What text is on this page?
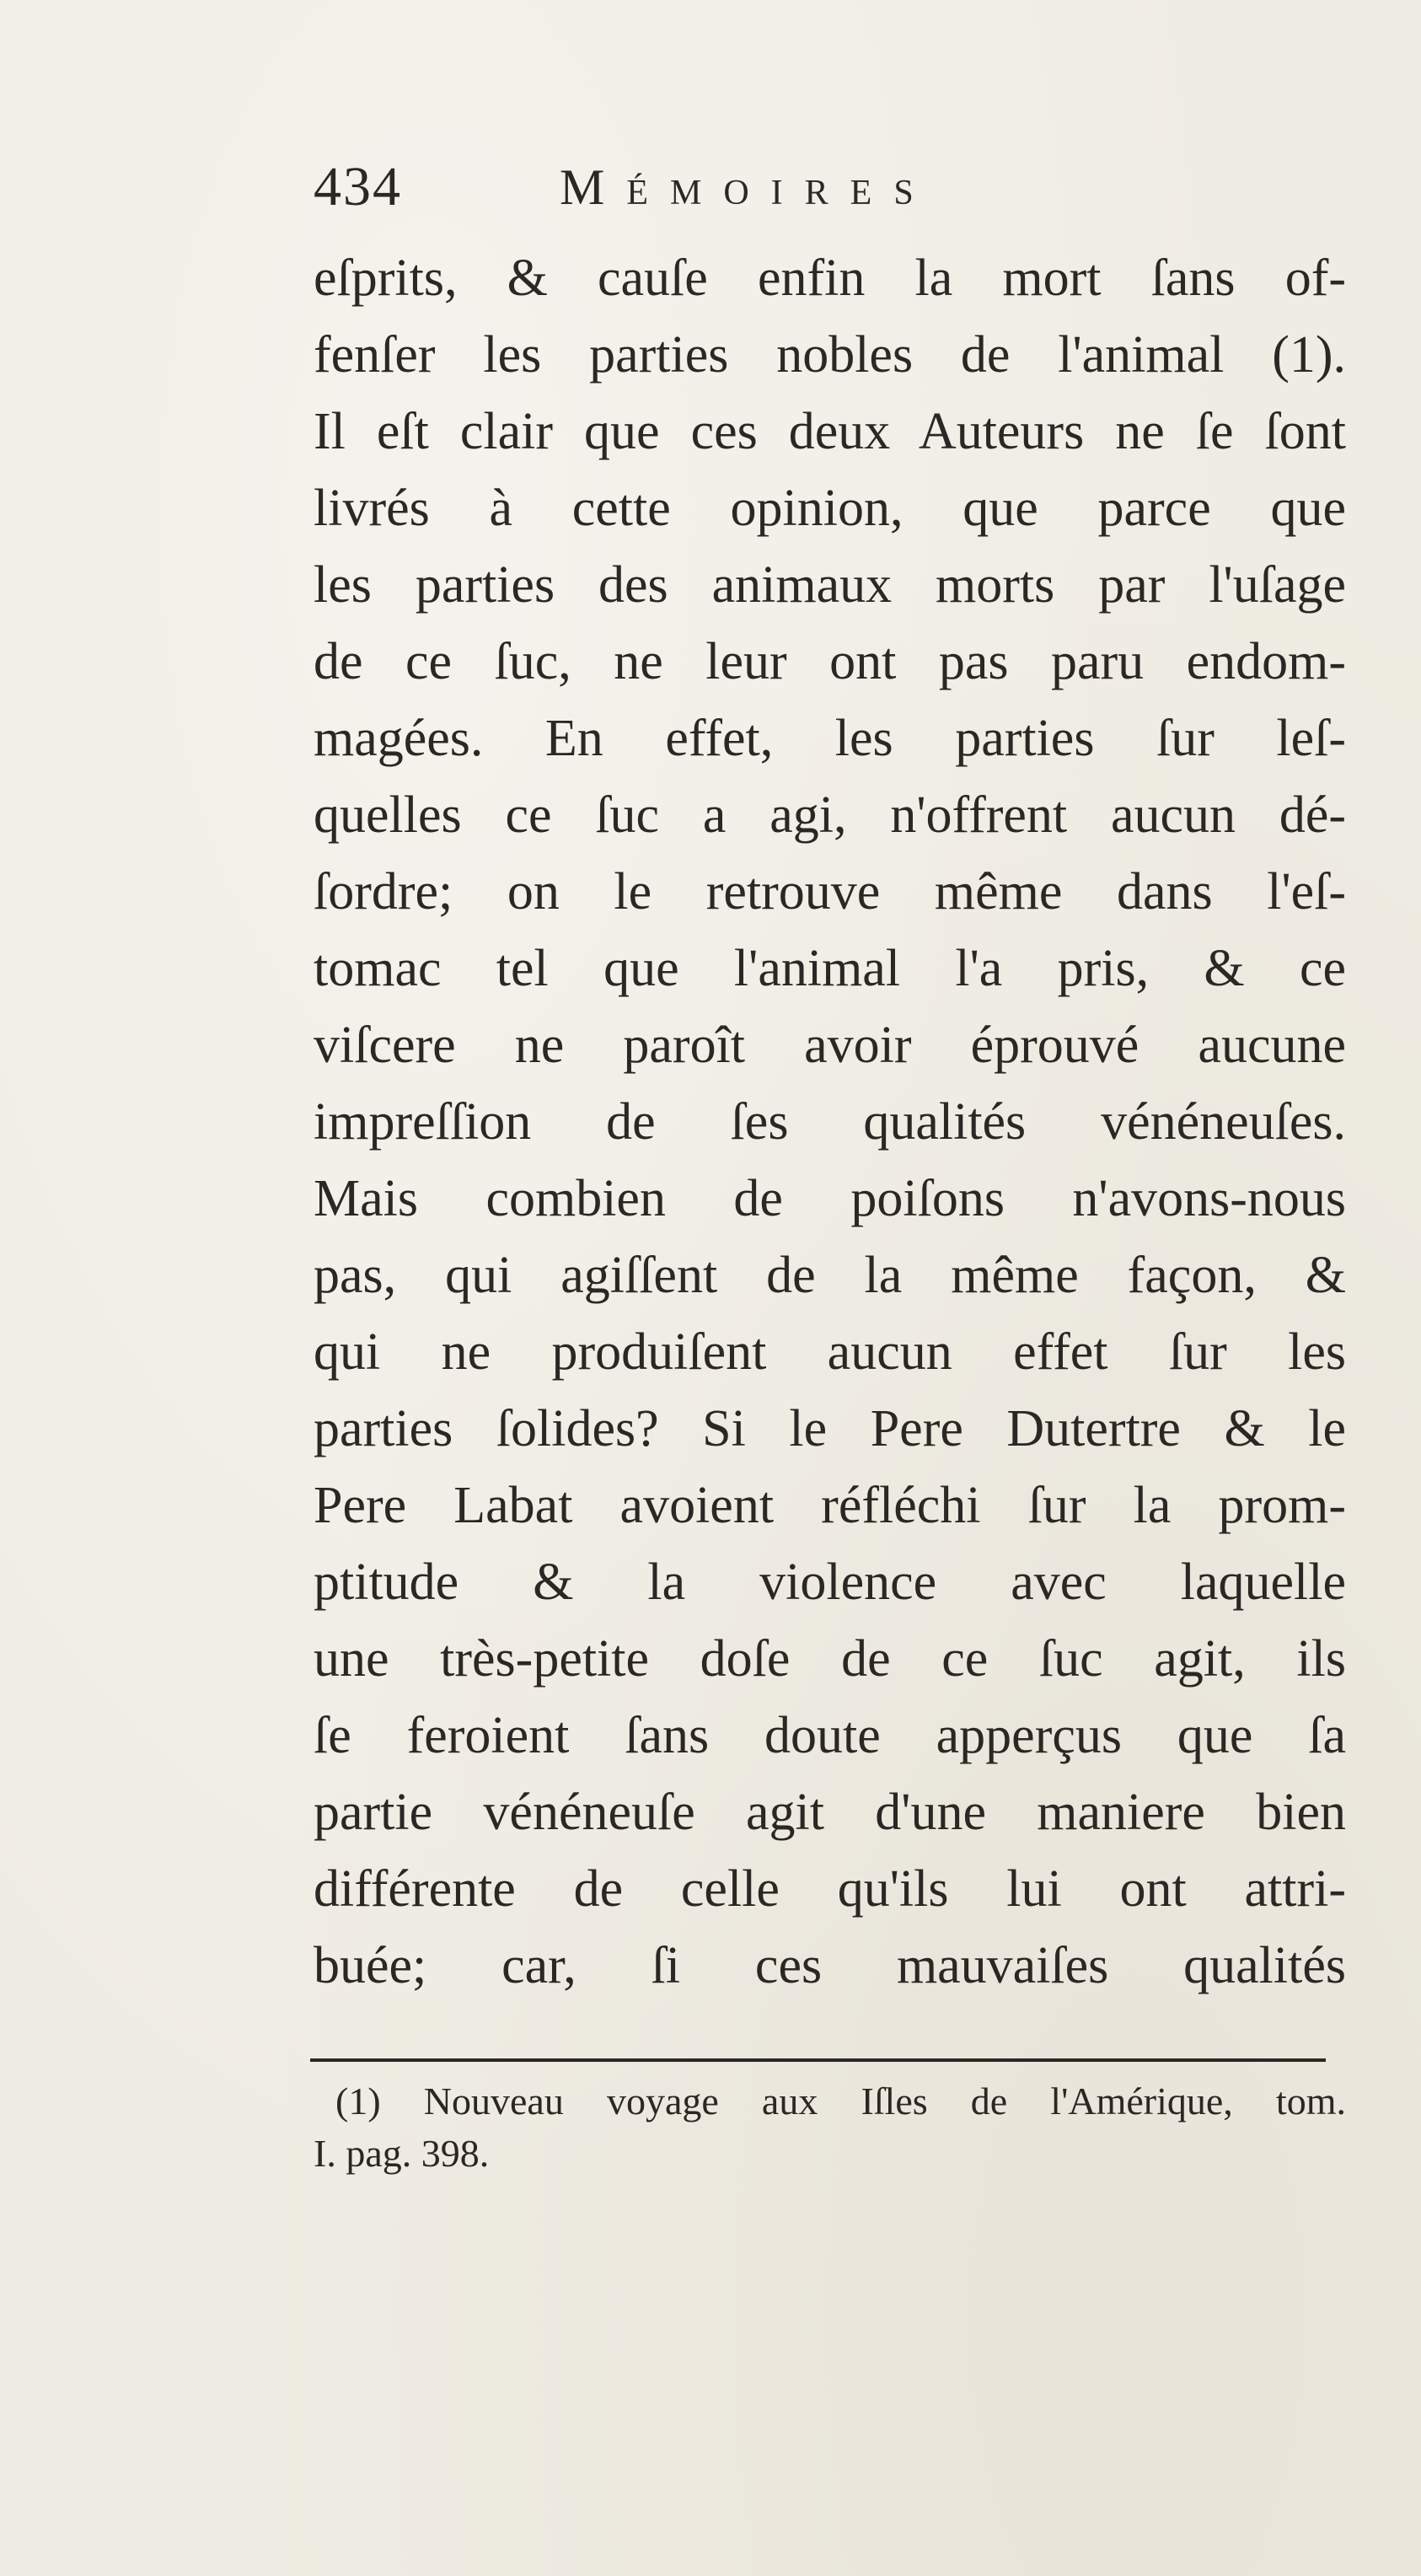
434	Mémoires
eſprits, & cauſe enfin la mort ſans of-
fenſer les parties nobles de l'animal (1).
Il eſt clair que ces deux Auteurs ne ſe ſont
livrés à cette opinion, que parce que
les parties des animaux morts par l'uſage
de ce ſuc, ne leur ont pas paru endom-
magées. En effet, les parties ſur leſ-
quelles ce ſuc a agi, n'offrent aucun dé-
ſordre; on le retrouve même dans l'eſ-
tomac tel que l'animal l'a pris, & ce
viſcere ne paroît avoir éprouvé aucune
impreſſion de ſes qualités vénéneuſes.
Mais combien de poiſons n'avons-nous
pas, qui agiſſent de la même façon, &
qui ne produiſent aucun effet ſur les
parties ſolides? Si le Pere Dutertre & le
Pere Labat avoient réfléchi ſur la prom-
ptitude & la violence avec laquelle
une très-petite doſe de ce ſuc agit, ils
ſe feroient ſans doute apperçus que ſa
partie vénéneuſe agit d'une maniere bien
différente de celle qu'ils lui ont attri-
buée; car, ſi ces mauvaiſes qualités
(1) Nouveau voyage aux Iſles de l'Amérique, tom.
I. pag. 398.
